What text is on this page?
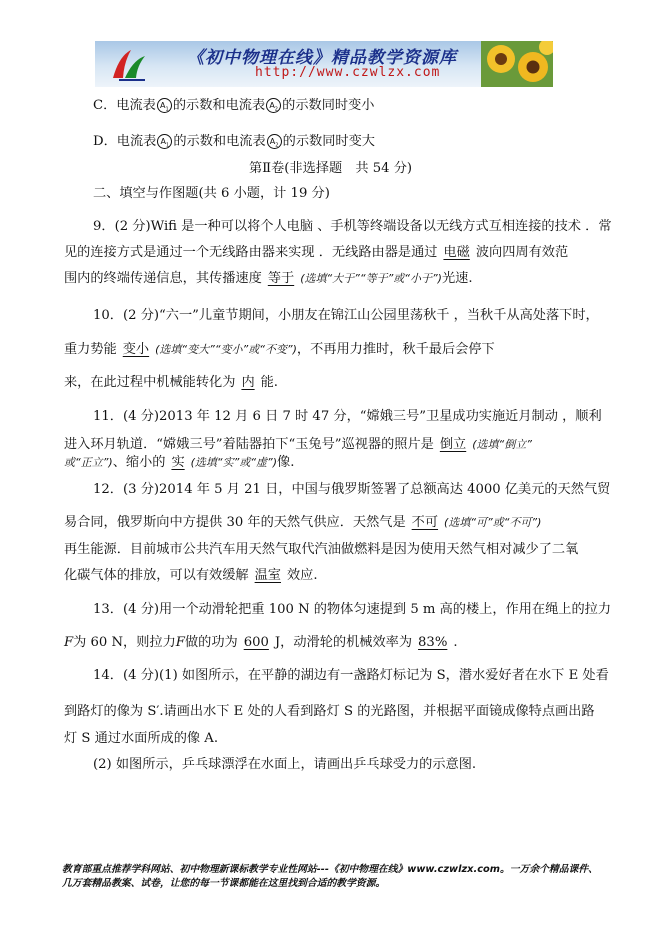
《初中物理在线》精品教学资源库
http://www.czwlzx.com
C．电流表 $A_1$ 的示数和电流表 $A_2$ 的示数同时变小
D．电流表 $A_1$ 的示数和电流表 $A_2$ 的示数同时变大
第Ⅱ卷(非选择题　共 54 分)
二、填空与作图题(共 6 小题，计 19 分)
9．(2 分)Wifi 是一种可以将个人电脑 、手机等终端设备以无线方式互相连接的技术 ．常
见的连接方式是通过一个无线路由器来实现 ．无线路由器是通过 电磁 波向四周有效范
围内的终端传递信息，其传播速度 等于 (选填“大于”“等于”或“小于”)光速.
10．(2 分)“六一”儿童节期间，小朋友在锦江山公园里荡秋千 ，当秋千从高处落下时，
重力势能 变小 (选填“变大”“变小”或“不变”)，不再用力推时，秋千最后会停下
来，在此过程中机械能转化为 内 能.
11．(4 分)2013 年 12 月 6 日 7 时 47 分，“嫦娥三号”卫星成功实施近月制动 ，顺利
进入环月轨道．“嫦娥三号”着陆器拍下“玉兔号”巡视器的照片是 倒立 (选填“倒立”
或“正立”)、缩小的 实 (选填“实”或“虚”)像.
12．(3 分)2014 年 5 月 21 日，中国与俄罗斯签署了总额高达 4000 亿美元的天然气贸
易合同，俄罗斯向中方提供 30 年的天然气供应．天然气是 不可 (选填“可”或“不可”)
再生能源．目前城市公共汽车用天然气取代汽油做燃料是因为使用天然气相对减少了二氧
化碳气体的排放，可以有效缓解 温室 效应.
13．(4 分)用一个动滑轮把重 100 N 的物体匀速提到 5 m 高的楼上，作用在绳上的拉力
F为 60 N，则拉力F做的功为 600 J，动滑轮的机械效率为 83% .
14．(4 分)(1) 如图所示，在平静的湖边有一盏路灯标记为 S，潜水爱好者在水下 E 处看
到路灯的像为 S′.请画出水下 E 处的人看到路灯 S 的光路图，并根据平面镜成像特点画出路
灯 S 通过水面所成的像 A.
(2) 如图所示，乒乓球漂浮在水面上，请画出乒乓球受力的示意图.
教育部重点推荐学科网站、初中物理新课标教学专业性网站---《初中物理在线》www.czwlzx.com。一万余个精品课件、
几万套精品教案、试卷，让您的每一节课都能在这里找到合适的教学资源。
